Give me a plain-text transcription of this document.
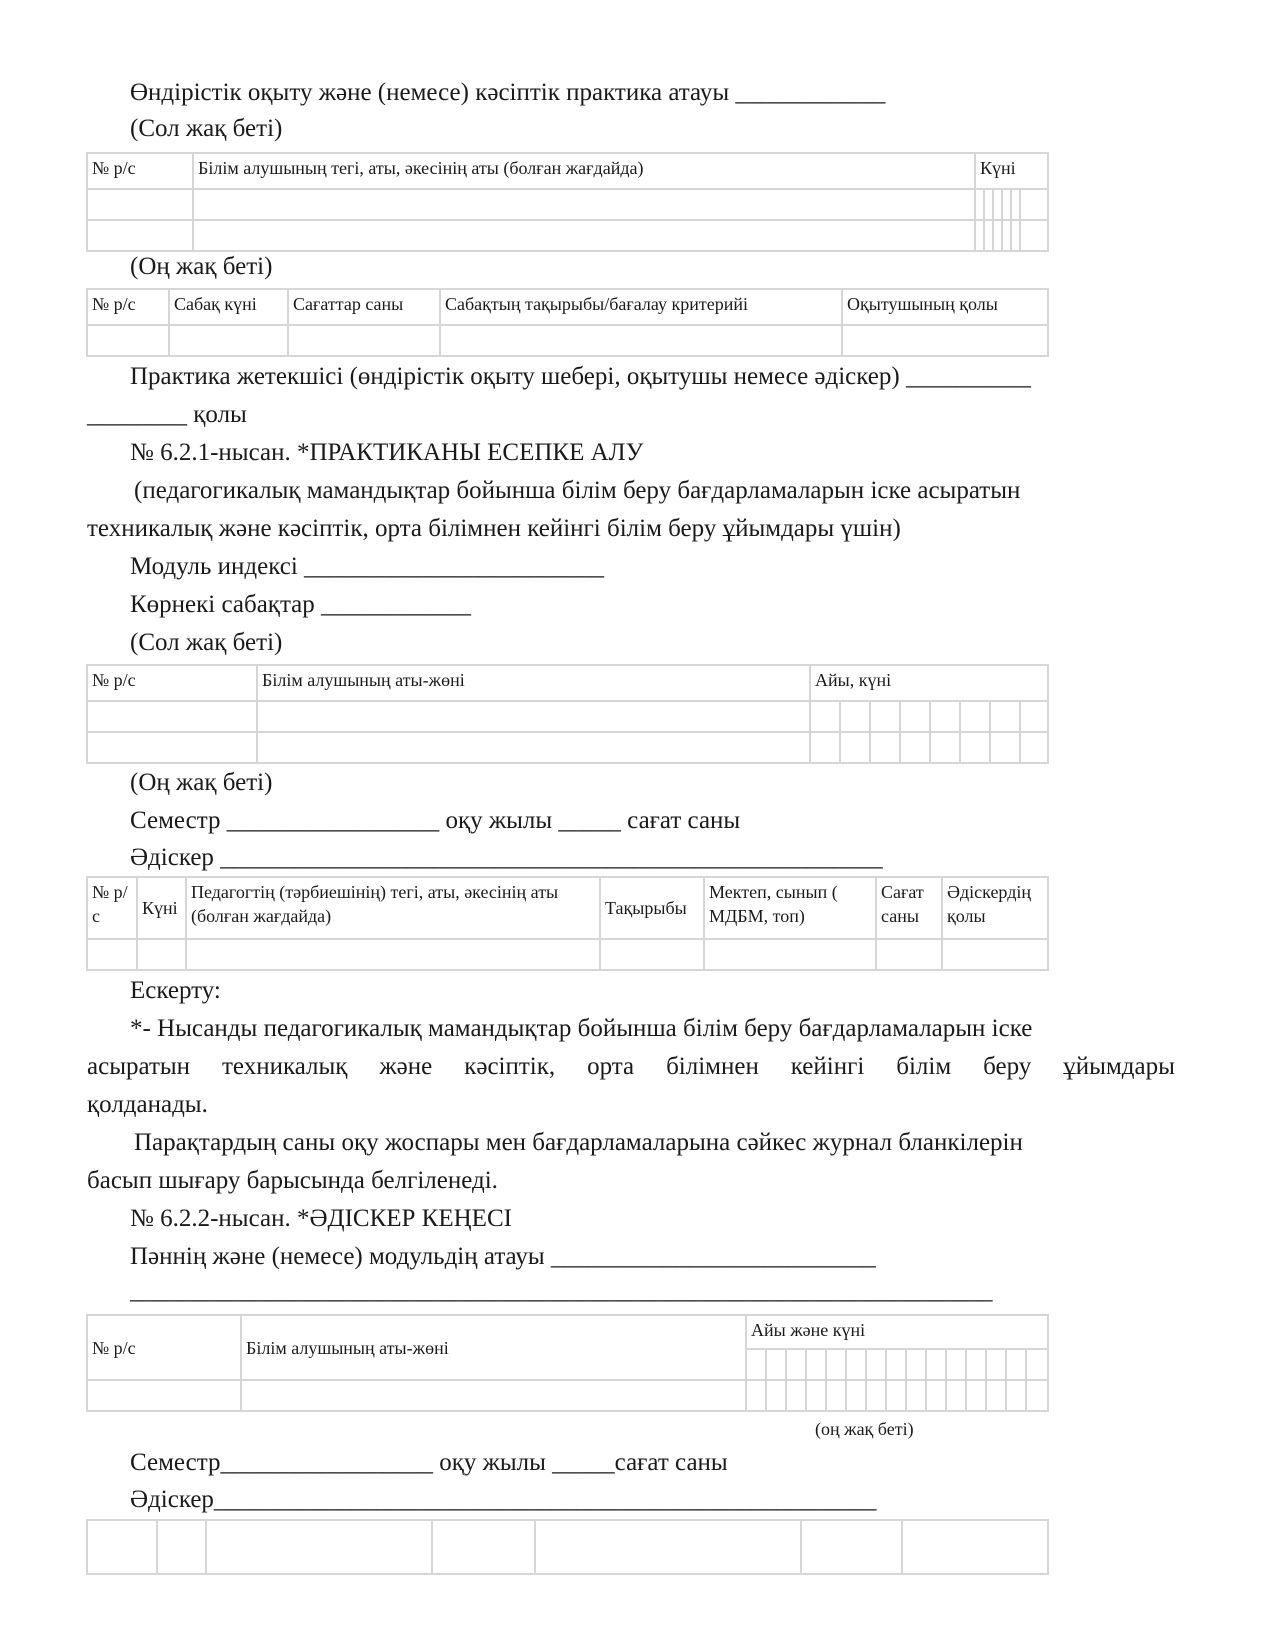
Өндірістік оқыту және (немесе) кәсіптік практика атауы ____________
(Сол жақ беті)
№ р/с	Білім алушының тегі, аты, әкесінің аты (болған жағдайда)	Күні					

(Оң жақ беті)
№ р/с	Сабақ күні	Сағаттар саны	Сабақтың тақырыбы/бағалау критерийі	Оқытушының қолы

Практика жетекшісі (өндірістік оқыту шебері, оқытушы немесе әдіскер) __________
________ қолы
№ 6.2.1-нысан. *ПРАКТИКАНЫ ЕСЕПКЕ АЛУ
(педагогикалық мамандықтар бойынша білім беру бағдарламаларын іске асыратын
техникалық және кәсіптік, орта білімнен кейінгі білім беру ұйымдары үшін)
Модуль индексі ________________________
Көрнекі сабақтар ____________
(Сол жақ беті)
№ р/с	Білім алушының аты-жөні	Айы, күні							

(Оң жақ беті)
Семестр _________________ оқу жылы _____ сағат саны
Әдіскер _____________________________________________________
№ р/с	Күні	Педагогтің (тәрбиешінің) тегі, аты, әкесінің аты (болған жағдайда)	Тақырыбы	Мектеп, сынып ( МДБМ, топ)	Сағат саны	Әдіскердің қолы

Ескерту:
*- Нысанды педагогикалық мамандықтар бойынша білім беру бағдарламаларын іске
асыратын техникалық және кәсіптік, орта білімнен кейінгі білім беру ұйымдары
қолданады.
Парақтардың саны оқу жоспары мен бағдарламаларына сәйкес журнал бланкілерін
басып шығару барысында белгіленеді.
№ 6.2.2-нысан. *ӘДІСКЕР КЕҢЕСІ
Пәннің және (немесе) модульдің атауы __________________________
_____________________________________________________________________
№ р/с	Білім алушының аты-жөні	Айы және күні														

(оң жақ беті)
Семестр_________________ оқу жылы _____сағат саны
Әдіскер_____________________________________________________
